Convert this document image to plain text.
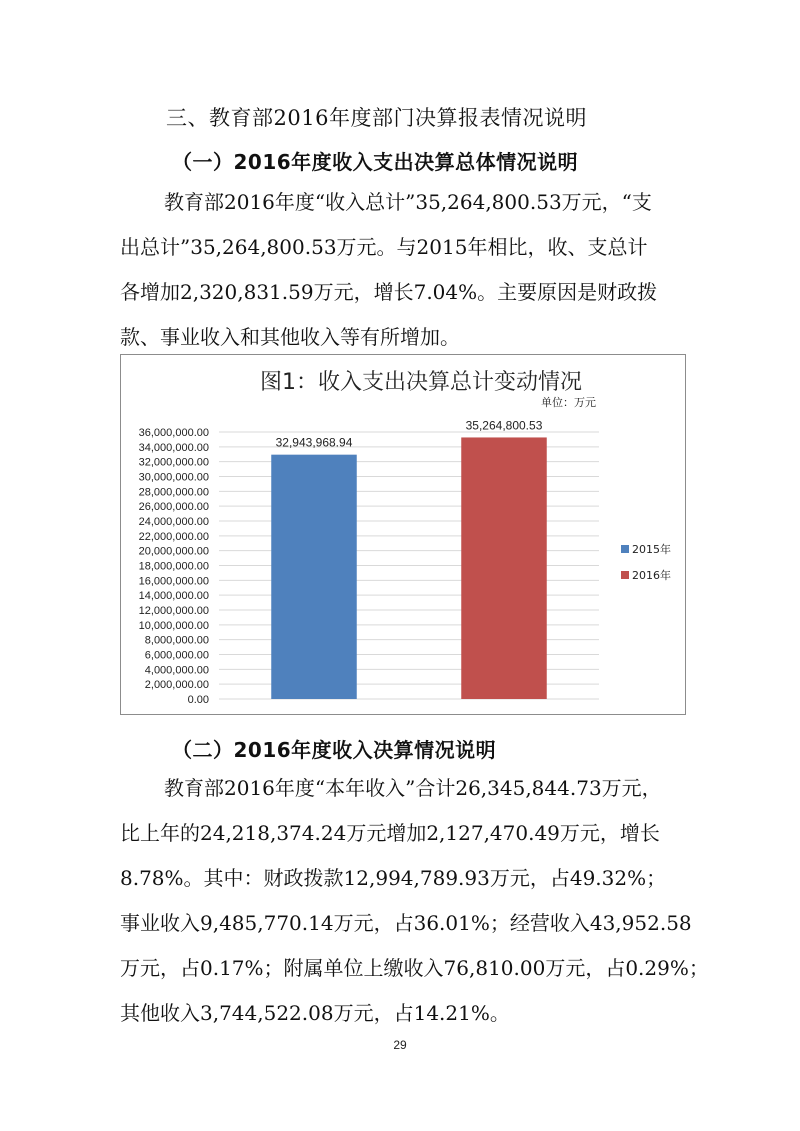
三、教育部2016年度部门决算报表情况说明
（一）2016年度收入支出决算总体情况说明
教育部2016年度“收入总计”35,264,800.53万元，“支
出总计”35,264,800.53万元。与2015年相比，收、支总计
各增加2,320,831.59万元，增长7.04%。主要原因是财政拨
款、事业收入和其他收入等有所增加。
图1：收入支出决算总计变动情况
单位：万元
0.00
2,000,000.00
4,000,000.00
6,000,000.00
8,000,000.00
10,000,000.00
12,000,000.00
14,000,000.00
16,000,000.00
18,000,000.00
20,000,000.00
22,000,000.00
24,000,000.00
26,000,000.00
28,000,000.00
30,000,000.00
32,000,000.00
34,000,000.00
36,000,000.00
32,943,968.94
35,264,800.53
2015年
2016年
（二）2016年度收入决算情况说明
教育部2016年度“本年收入”合计26,345,844.73万元，
比上年的24,218,374.24万元增加2,127,470.49万元，增长
8.78%。其中：财政拨款12,994,789.93万元，占49.32%；
事业收入9,485,770.14万元，占36.01%；经营收入43,952.58
万元，占0.17%；附属单位上缴收入76,810.00万元，占0.29%；
其他收入3,744,522.08万元，占14.21%。
29
